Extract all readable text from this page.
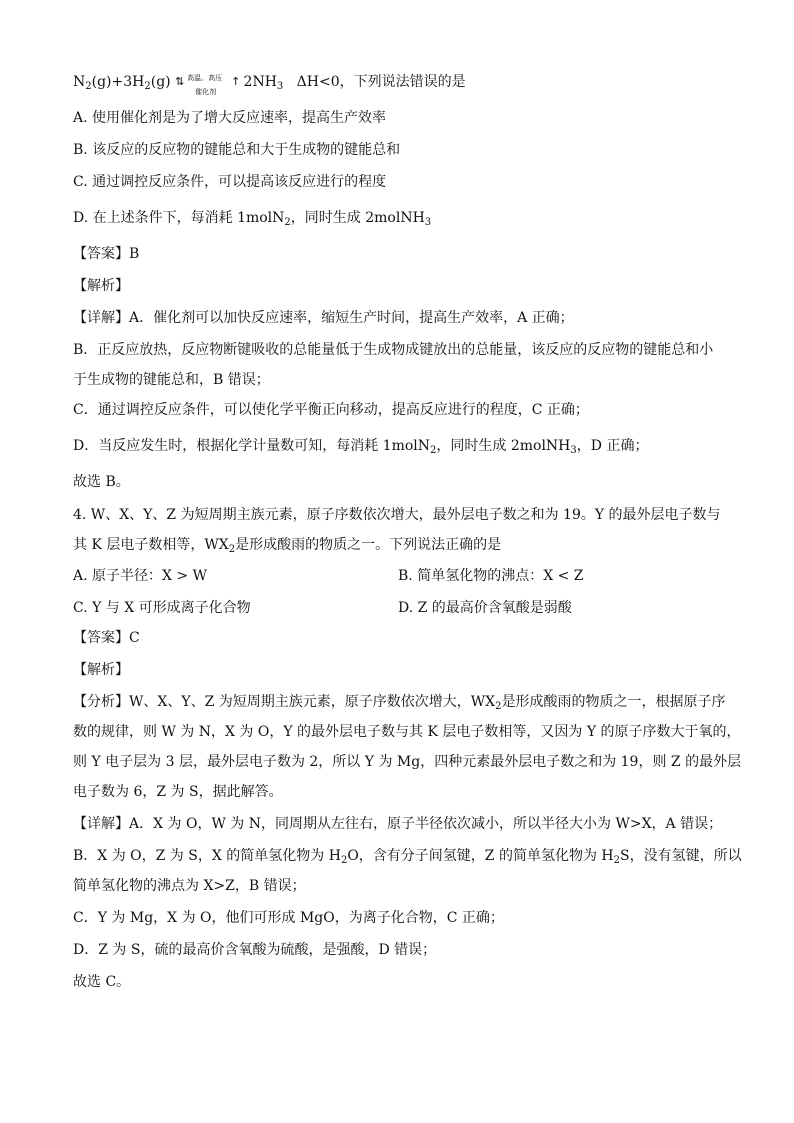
$N_2(g)+3H_2(g)$ ⇅ 高温、高压
催化剂
↑ $2NH_3$ ΔH<0，下列说法错误的是
A. 使用催化剂是为了增大反应速率，提高生产效率
B. 该反应的反应物的键能总和大于生成物的键能总和
C. 通过调控反应条件，可以提高该反应进行的程度
D. 在上述条件下，每消耗 1molN$_2$，同时生成 2molNH$_3$
【答案】B
【解析】
【详解】A．催化剂可以加快反应速率，缩短生产时间，提高生产效率，A 正确；
B．正反应放热，反应物断键吸收的总能量低于生成物成键放出的总能量，该反应的反应物的键能总和小
于生成物的键能总和，B 错误；
C．通过调控反应条件，可以使化学平衡正向移动，提高反应进行的程度，C 正确；
D．当反应发生时，根据化学计量数可知，每消耗 1molN$_2$，同时生成 2molNH$_3$，D 正确；
故选 B。
4. W、X、Y、Z 为短周期主族元素，原子序数依次增大，最外层电子数之和为 19。Y 的最外层电子数与
其 K 层电子数相等，$WX_2$是形成酸雨的物质之一。下列说法正确的是
A. 原子半径：X > W	B. 简单氢化物的沸点：X < Z
C. Y 与 X 可形成离子化合物	D. Z 的最高价含氧酸是弱酸
【答案】C
【解析】
【分析】W、X、Y、Z 为短周期主族元素，原子序数依次增大，$WX_2$是形成酸雨的物质之一，根据原子序
数的规律，则 W 为 N，X 为 O，Y 的最外层电子数与其 K 层电子数相等，又因为 Y 的原子序数大于氧的，
则 Y 电子层为 3 层，最外层电子数为 2，所以 Y 为 Mg，四种元素最外层电子数之和为 19，则 Z 的最外层
电子数为 6，Z 为 S，据此解答。
【详解】A．X 为 O，W 为 N，同周期从左往右，原子半径依次减小，所以半径大小为 W>X，A 错误；
B．X 为 O，Z 为 S，X 的简单氢化物为 $H_2O$，含有分子间氢键，Z 的简单氢化物为 $H_2S$，没有氢键，所以
简单氢化物的沸点为 X>Z，B 错误；
C．Y 为 Mg，X 为 O，他们可形成 MgO，为离子化合物，C 正确；
D．Z 为 S，硫的最高价含氧酸为硫酸，是强酸，D 错误；
故选 C。
